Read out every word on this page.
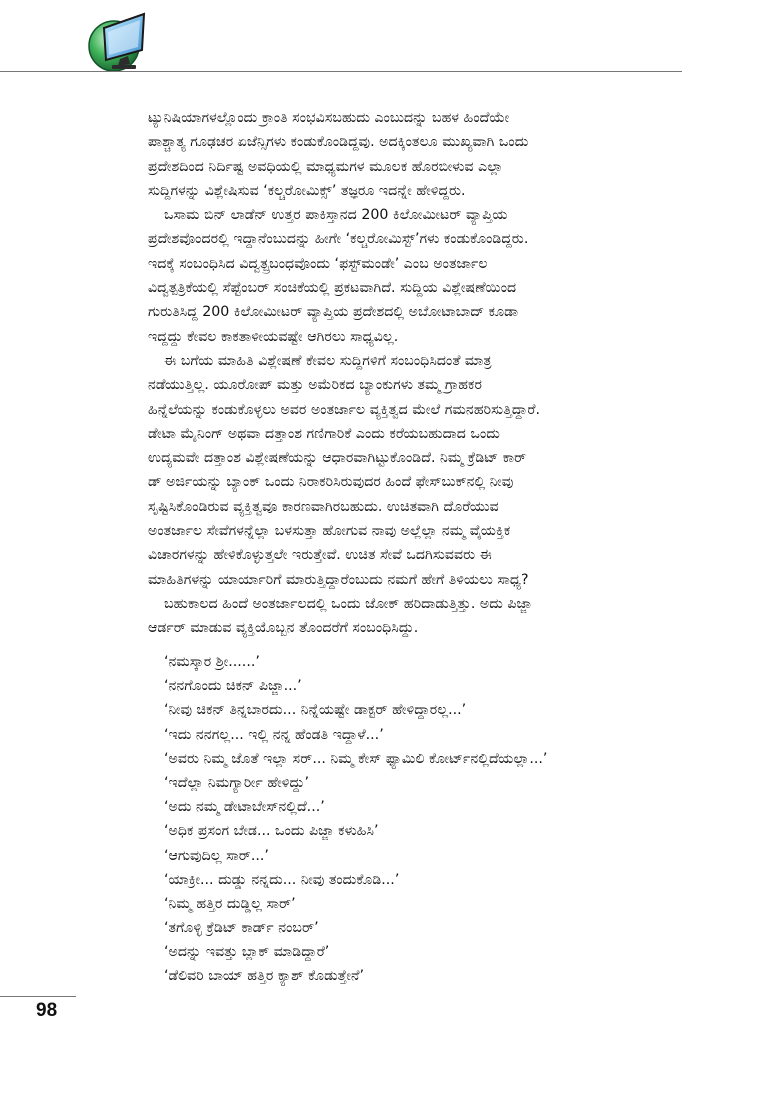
ಟ್ಯುನಿಷಿಯಾಗಳಲ್ಲೊಂದು ಕ್ರಾಂತಿ ಸಂಭವಿಸಬಹುದು ಎಂಬುದನ್ನು ಬಹಳ ಹಿಂದೆಯೇ
ಪಾಶ್ಚಾತ್ಯ ಗೂಢಚರ ಏಜೆನ್ಸಿಗಳು ಕಂಡುಕೊಂಡಿದ್ದವು. ಅದಕ್ಕಿಂತಲೂ ಮುಖ್ಯವಾಗಿ ಒಂದು
ಪ್ರದೇಶದಿಂದ ನಿರ್ದಿಷ್ಟ ಅವಧಿಯಲ್ಲಿ ಮಾಧ್ಯಮಗಳ ಮೂಲಕ ಹೊರಬೀಳುವ ಎಲ್ಲಾ
ಸುದ್ದಿಗಳನ್ನು ವಿಶ್ಲೇಷಿಸುವ ‘ಕಲ್ಚರೋಮಿಕ್ಸ್’ ತಜ್ಞರೂ ಇದನ್ನೇ ಹೇಳಿದ್ದರು.
ಒಸಾಮ ಬಿನ್ ಲಾಡೆನ್ ಉತ್ತರ ಪಾಕಿಸ್ತಾನದ 200 ಕಿಲೋಮೀಟರ್ ವ್ಯಾಪ್ತಿಯ
ಪ್ರದೇಶವೊಂದರಲ್ಲಿ ಇದ್ದಾನೆಂಬುದನ್ನು ಹೀಗೇ ‘ಕಲ್ಚರೋಮಿಸ್ಟ್’ಗಳು ಕಂಡುಕೊಂಡಿದ್ದರು.
ಇದಕ್ಕೆ ಸಂಬಂಧಿಸಿದ ವಿದ್ವತ್ಪ್ರಬಂಧವೊಂದು ‘ಫಸ್ಟ್‌ಮಂಡೇ’ ಎಂಬ ಅಂತರ್ಜಾಲ
ವಿದ್ವತ್ಪತ್ರಿಕೆಯಲ್ಲಿ ಸೆಪ್ಟೆಂಬರ್ ಸಂಚಿಕೆಯಲ್ಲಿ ಪ್ರಕಟವಾಗಿದೆ. ಸುದ್ದಿಯ ವಿಶ್ಲೇಷಣೆಯಿಂದ
ಗುರುತಿಸಿದ್ದ 200 ಕಿಲೋಮೀಟರ್ ವ್ಯಾಪ್ತಿಯ ಪ್ರದೇಶದಲ್ಲಿ ಅಬೋಟಾಬಾದ್ ಕೂಡಾ
ಇದ್ದದ್ದು ಕೇವಲ ಕಾಕತಾಳೀಯವಷ್ಟೇ ಆಗಿರಲು ಸಾಧ್ಯವಿಲ್ಲ.
ಈ ಬಗೆಯ ಮಾಹಿತಿ ವಿಶ್ಲೇಷಣೆ ಕೇವಲ ಸುದ್ದಿಗಳಿಗೆ ಸಂಬಂಧಿಸಿದಂತೆ ಮಾತ್ರ
ನಡೆಯುತ್ತಿಲ್ಲ. ಯೂರೋಪ್ ಮತ್ತು ಅಮೆರಿಕದ ಬ್ಯಾಂಕುಗಳು ತಮ್ಮ ಗ್ರಾಹಕರ
ಹಿನ್ನೆಲೆಯನ್ನು ಕಂಡುಕೊಳ್ಳಲು ಅವರ ಅಂತರ್ಜಾಲ ವ್ಯಕ್ತಿತ್ವದ ಮೇಲೆ ಗಮನಹರಿಸುತ್ತಿದ್ದಾರೆ.
ಡೇಟಾ ಮೈನಿಂಗ್ ಅಥವಾ ದತ್ತಾಂಶ ಗಣಿಗಾರಿಕೆ ಎಂದು ಕರೆಯಬಹುದಾದ ಒಂದು
ಉದ್ಯಮವೇ ದತ್ತಾಂಶ ವಿಶ್ಲೇಷಣೆಯನ್ನು ಆಧಾರವಾಗಿಟ್ಟುಕೊಂಡಿದೆ. ನಿಮ್ಮ ಕ್ರೆಡಿಟ್ ಕಾರ್
ಡ್ ಅರ್ಜಿಯನ್ನು ಬ್ಯಾಂಕ್ ಒಂದು ನಿರಾಕರಿಸಿರುವುದರ ಹಿಂದೆ ಫೇಸ್‌ಬುಕ್‌ನಲ್ಲಿ ನೀವು
ಸೃಷ್ಟಿಸಿಕೊಂಡಿರುವ ವ್ಯಕ್ತಿತ್ವವೂ ಕಾರಣವಾಗಿರಬಹುದು. ಉಚಿತವಾಗಿ ದೊರೆಯುವ
ಅಂತರ್ಜಾಲ ಸೇವೆಗಳನ್ನೆಲ್ಲಾ ಬಳಸುತ್ತಾ ಹೋಗುವ ನಾವು ಅಲ್ಲೆಲ್ಲಾ ನಮ್ಮ ವೈಯಕ್ತಿಕ
ವಿಚಾರಗಳನ್ನು ಹೇಳಿಕೊಳ್ಳುತ್ತಲೇ ಇರುತ್ತೇವೆ. ಉಚಿತ ಸೇವೆ ಒದಗಿಸುವವರು ಈ
ಮಾಹಿತಿಗಳನ್ನು ಯಾರ್ಯಾರಿಗೆ ಮಾರುತ್ತಿದ್ದಾರೆಂಬುದು ನಮಗೆ ಹೇಗೆ ತಿಳಿಯಲು ಸಾಧ್ಯ?
ಬಹುಕಾಲದ ಹಿಂದೆ ಅಂತರ್ಜಾಲದಲ್ಲಿ ಒಂದು ಜೋಕ್ ಹರಿದಾಡುತ್ತಿತ್ತು. ಅದು ಪಿಜ್ಜಾ
ಆರ್ಡರ್ ಮಾಡುವ ವ್ಯಕ್ತಿಯೊಬ್ಬನ ತೊಂದರೆಗೆ ಸಂಬಂಧಿಸಿದ್ದು.
‘ನಮಸ್ಕಾರ ಶ್ರೀ......’
‘ನನಗೊಂದು ಚಿಕನ್ ಪಿಜ್ಜಾ...’
‘ನೀವು ಚಿಕನ್ ತಿನ್ನಬಾರದು... ನಿನ್ನೆಯಷ್ಟೇ ಡಾಕ್ಟರ್ ಹೇಳಿದ್ದಾರಲ್ಲ...’
‘ಇದು ನನಗಲ್ಲ... ಇಲ್ಲಿ ನನ್ನ ಹೆಂಡತಿ ಇದ್ದಾಳೆ...’
‘ಅವರು ನಿಮ್ಮ ಜೊತೆ ಇಲ್ಲಾ ಸರ್... ನಿಮ್ಮ ಕೇಸ್ ಫ್ಯಾಮಿಲಿ ಕೋರ್ಟ್‌ನಲ್ಲಿದೆಯಲ್ಲಾ...’
‘ಇದೆಲ್ಲಾ ನಿಮಗ್ಯಾರ್ರೀ ಹೇಳಿದ್ದು’
‘ಅದು ನಮ್ಮ ಡೇಟಾಬೇಸ್‌ನಲ್ಲಿದೆ...’
‘ಅಧಿಕ ಪ್ರಸಂಗ ಬೇಡ... ಒಂದು ಪಿಜ್ಜಾ ಕಳುಹಿಸಿ’
‘ಆಗುವುದಿಲ್ಲ ಸಾರ್...’
‘ಯಾಕ್ರೀ... ದುಡ್ಡು ನನ್ನದು... ನೀವು ತಂದುಕೊಡಿ...’
‘ನಿಮ್ಮ ಹತ್ತಿರ ದುಡ್ಡಿಲ್ಲ ಸಾರ್’
‘ತಗೊಳ್ಳಿ ಕ್ರೆಡಿಟ್ ಕಾರ್ಡ್ ನಂಬರ್’
‘ಅದನ್ನು ಇವತ್ತು ಬ್ಲಾಕ್ ಮಾಡಿದ್ದಾರೆ’
‘ಡೆಲಿವರಿ ಬಾಯ್ ಹತ್ತಿರ ಕ್ಯಾಶ್ ಕೊಡುತ್ತೇನೆ’
98
